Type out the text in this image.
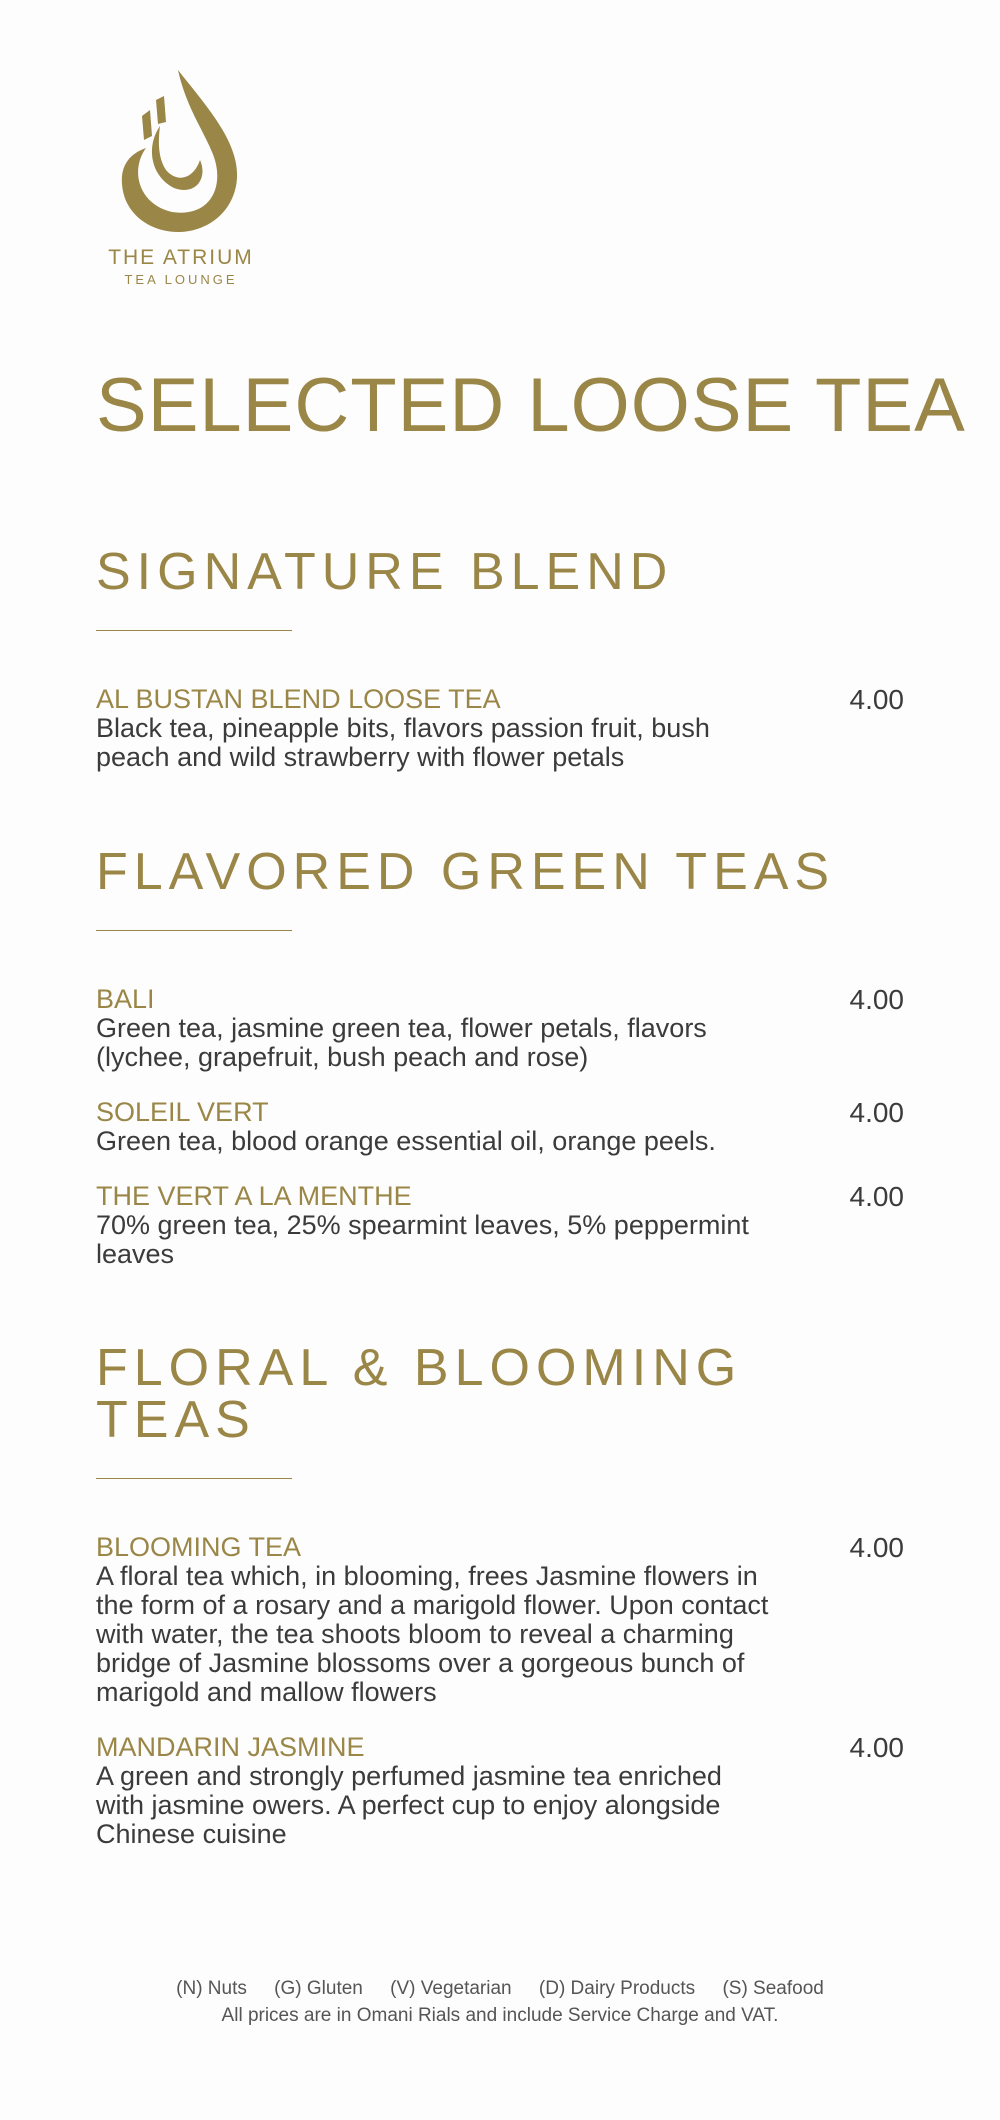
THE ATRIUM
TEA LOUNGE
SELECTED LOOSE TEA
SIGNATURE BLEND

AL BUSTAN BLEND LOOSE TEA	4.00

Black tea, pineapple bits, flavors passion fruit, bush
peach and wild strawberry with flower petals

FLAVORED GREEN TEAS

BALI	4.00

Green tea, jasmine green tea, flower petals, flavors
(lychee, grapefruit, bush peach and rose)

SOLEIL VERT	4.00

Green tea, blood orange essential oil, orange peels.

THE VERT A LA MENTHE	4.00

70% green tea, 25% spearmint leaves, 5% peppermint
leaves

FLORAL & BLOOMING TEAS

BLOOMING TEA	4.00

A floral tea which, in blooming, frees Jasmine flowers in
the form of a rosary and a marigold flower. Upon contact
with water, the tea shoots bloom to reveal a charming
bridge of Jasmine blossoms over a gorgeous bunch of
marigold and mallow flowers

MANDARIN JASMINE	4.00

A green and strongly perfumed jasmine tea enriched
with jasmine owers. A perfect cup to enjoy alongside
Chinese cuisine

(N) Nuts (G) Gluten (V) Vegetarian (D) Dairy Products (S) Seafood
All prices are in Omani Rials and include Service Charge and VAT.
